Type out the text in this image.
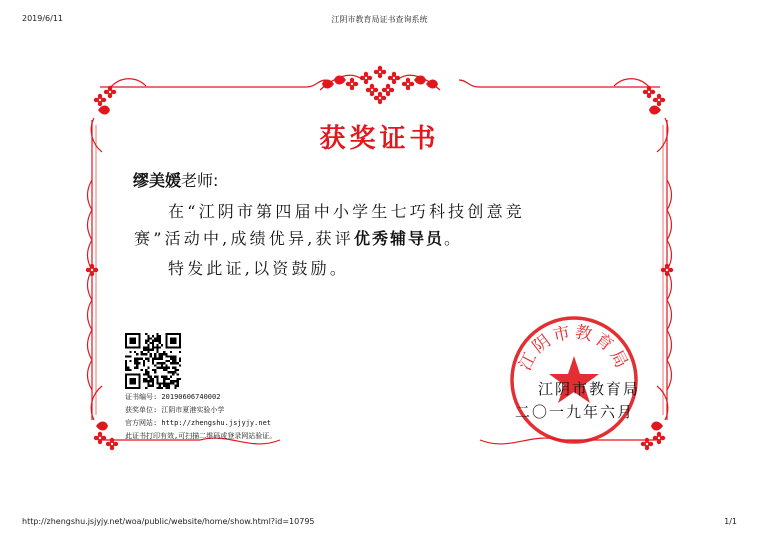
2019/6/11	江阴市教育局证书查询系统
获奖证书
缪美媛老师:
在“江阴市第四届中小学生七巧科技创意竞
赛”活动中,成绩优异,获评优秀辅导员。
特发此证,以资鼓励。
证书编号: 20190606740002
获奖单位: 江阴市夏港实验小学
官方网站: http://zhengshu.jsjyjy.net
此证书打印有效,可扫描二维码或登录网站验证。
江阴市教育局
江阴市教育局
二〇一九年六月
http://zhengshu.jsjyjy.net/woa/public/website/home/show.html?id=10795	1/1
